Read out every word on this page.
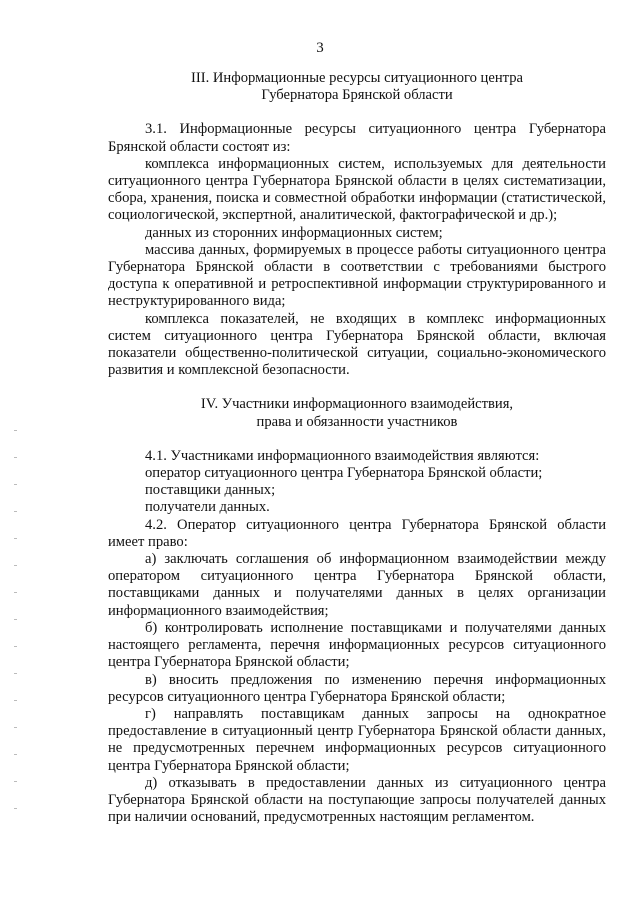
3

III. Информационные ресурсы ситуационного центра

Губернатора Брянской области

3.1. Информационные ресурсы ситуационного центра Губернатора Брянской области состоят из:

комплекса информационных систем, используемых для деятельности ситуационного центра Губернатора Брянской области в целях систематизации, сбора, хранения, поиска и совместной обработки информации (статистической, социологической, экспертной, аналитической, фактографической и др.);

данных из сторонних информационных систем;

массива данных, формируемых в процессе работы ситуационного центра Губернатора Брянской области в соответствии с требованиями быстрого доступа к оперативной и ретроспективной информации структурированного и неструктурированного вида;

комплекса показателей, не входящих в комплекс информационных систем ситуационного центра Губернатора Брянской области, включая показатели общественно-политической ситуации, социально-экономического развития и комплексной безопасности.

IV. Участники информационного взаимодействия,

права и обязанности участников

4.1. Участниками информационного взаимодействия являются:

оператор ситуационного центра Губернатора Брянской области;

поставщики данных;

получатели данных.

4.2. Оператор ситуационного центра Губернатора Брянской области имеет право:

а) заключать соглашения об информационном взаимодействии между оператором ситуационного центра Губернатора Брянской области, поставщиками данных и получателями данных в целях организации информационного взаимодействия;

б) контролировать исполнение поставщиками и получателями данных настоящего регламента, перечня информационных ресурсов ситуационного центра Губернатора Брянской области;

в) вносить предложения по изменению перечня информационных ресурсов ситуационного центра Губернатора Брянской области;

г) направлять поставщикам данных запросы на однократное предоставление в ситуационный центр Губернатора Брянской области данных, не предусмотренных перечнем информационных ресурсов ситуационного центра Губернатора Брянской области;

д) отказывать в предоставлении данных из ситуационного центра Губернатора Брянской области на поступающие запросы получателей данных при наличии оснований, предусмотренных настоящим регламентом.
